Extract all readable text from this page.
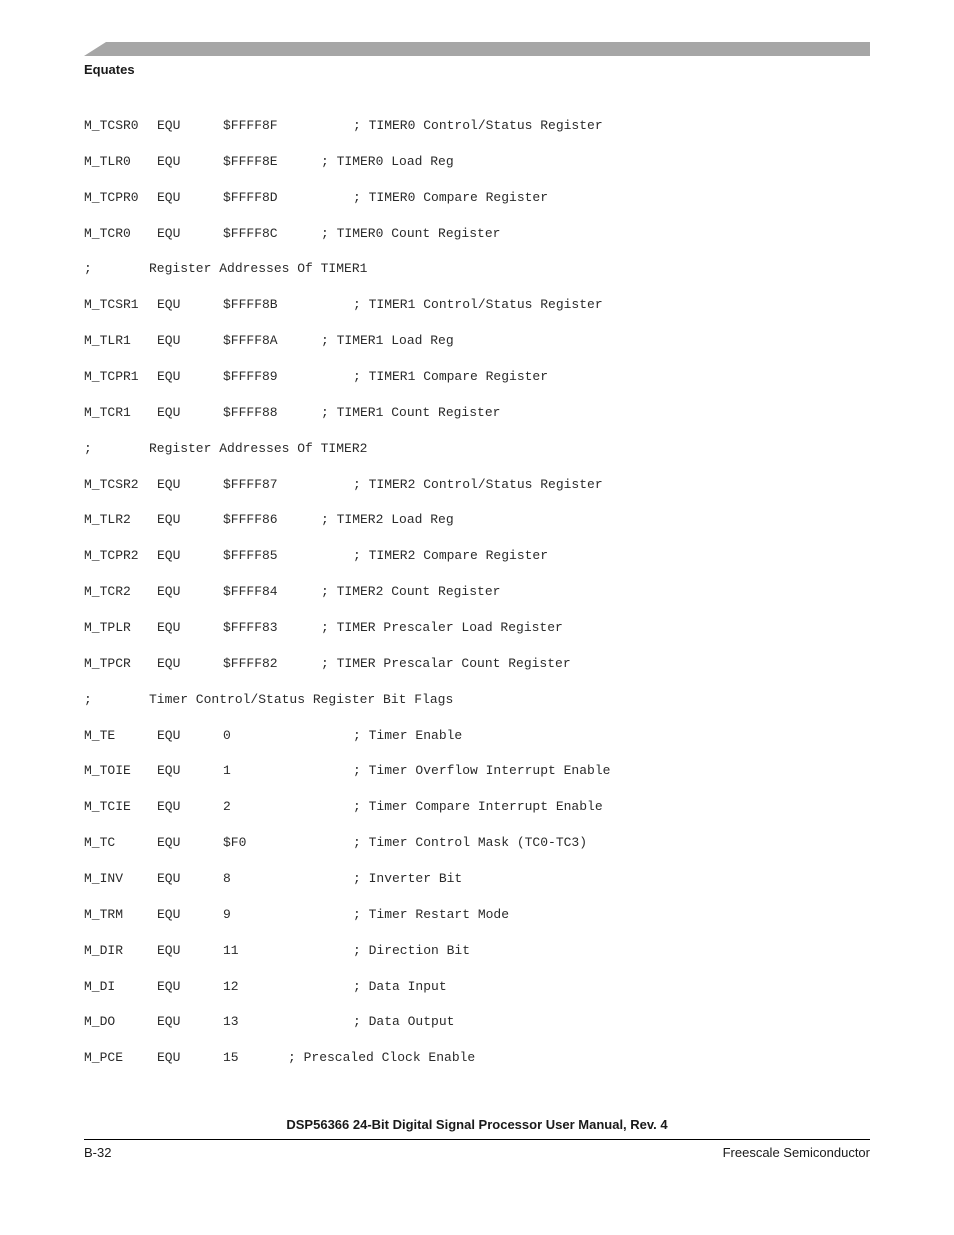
Equates
M_TCSR0 EQU	$FFFF8F	; TIMER0 Control/Status Register
M_TLR0 EQU	$FFFF8E	; TIMER0 Load Reg
M_TCPR0 EQU	$FFFF8D	; TIMER0 Compare Register
M_TCR0 EQU	$FFFF8C	; TIMER0 Count Register
;	Register Addresses Of TIMER1
M_TCSR1 EQU	$FFFF8B	; TIMER1 Control/Status Register
M_TLR1 EQU	$FFFF8A	; TIMER1 Load Reg
M_TCPR1 EQU	$FFFF89	; TIMER1 Compare Register
M_TCR1 EQU	$FFFF88	; TIMER1 Count Register
;	Register Addresses Of TIMER2
M_TCSR2 EQU	$FFFF87	; TIMER2 Control/Status Register
M_TLR2 EQU	$FFFF86	; TIMER2 Load Reg
M_TCPR2 EQU	$FFFF85	; TIMER2 Compare Register
M_TCR2 EQU	$FFFF84	; TIMER2 Count Register
M_TPLR EQU	$FFFF83	; TIMER Prescaler Load Register
M_TPCR EQU	$FFFF82	; TIMER Prescalar Count Register
;	Timer Control/Status Register Bit Flags
M_TE	EQU	0	; Timer Enable
M_TOIE EQU	1	; Timer Overflow Interrupt Enable
M_TCIE EQU	2	; Timer Compare Interrupt Enable
M_TC	EQU	$F0	; Timer Control Mask (TC0-TC3)
M_INV	EQU	8	; Inverter Bit
M_TRM	EQU	9	; Timer Restart Mode
M_DIR	EQU	11	; Direction Bit
M_DI	EQU	12	; Data Input
M_DO	EQU	13	; Data Output
M_PCE	EQU	15	; Prescaled Clock Enable
DSP56366 24-Bit Digital Signal Processor User Manual, Rev. 4
B-32	Freescale Semiconductor
